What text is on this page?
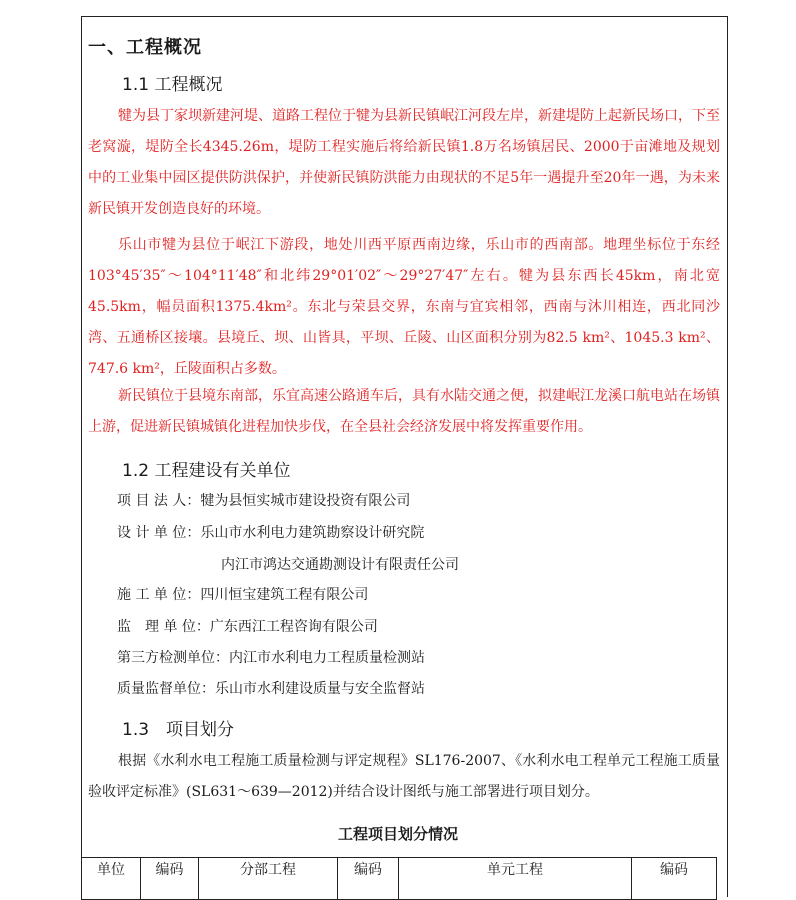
一、工程概况
1.1 工程概况

犍为县丁家坝新建河堤、道路工程位于犍为县新民镇岷江河段左岸，新建堤防上起新民场口，下至老窝漩，堤防全长4345.26m，堤防工程实施后将给新民镇1.8万名场镇居民、2000于亩滩地及规划中的工业集中园区提供防洪保护，并使新民镇防洪能力由现状的不足5年一遇提升至20年一遇，为未来新民镇开发创造良好的环境。

乐山市犍为县位于岷江下游段，地处川西平原西南边缘，乐山市的西南部。地理坐标位于东经103°45′35″～104°11′48″和北纬29°01′02″～29°27′47″左右。犍为县东西长45km，南北宽45.5km，幅员面积1375.4km²。东北与荣县交界，东南与宜宾相邻，西南与沐川相连，西北同沙湾、五通桥区接壤。县境丘、坝、山皆具，平坝、丘陵、山区面积分别为82.5 km²、1045.3 km²、747.6 km²，丘陵面积占多数。

新民镇位于县境东南部，乐宜高速公路通车后，具有水陆交通之便，拟建岷江龙溪口航电站在场镇上游，促进新民镇城镇化进程加快步伐，在全县社会经济发展中将发挥重要作用。

1.2 工程建设有关单位
项 目 法 人：犍为县恒实城市建设投资有限公司
设 计 单 位：乐山市水利电力建筑勘察设计研究院
内江市鸿达交通勘测设计有限责任公司
施 工 单 位：四川恒宝建筑工程有限公司
监　理 单 位：广东西江工程咨询有限公司
第三方检测单位：内江市水利电力工程质量检测站
质量监督单位：乐山市水利建设质量与安全监督站
1.3　项目划分

根据《水利水电工程施工质量检测与评定规程》SL176-2007、《水利水电工程单元工程施工质量验收评定标准》(SL631～639—2012)并结合设计图纸与施工部署进行项目划分。

工程项目划分情况
单位	编码	分部工程	编码	单元工程	编码
